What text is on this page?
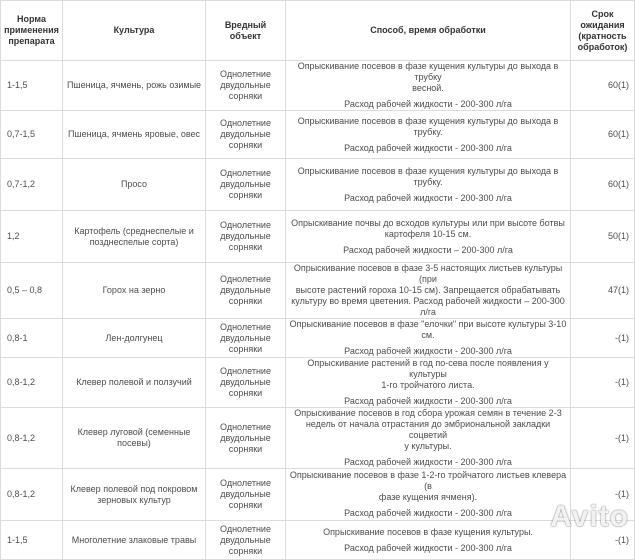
Норма применения препарата	Культура	Вредный объект	Способ, время обработки	Срок ожидания (кратность обработок)
1-1,5	Пшеница, ячмень, рожь озимые	Однолетние
двудольные сорняки	Опрыскивание посевов в фазе кущения культуры до выхода в трубку
весной.
Расход рабочей жидкости - 200-300 л/га	60(1)
0,7-1,5	Пшеница, ячмень яровые, овес	Однолетние
двудольные сорняки	Опрыскивание посевов в фазе кущения культуры до выхода в
трубку.
Расход рабочей жидкости - 200-300 л/га	60(1)
0,7-1,2	Просо	Однолетние
двудольные сорняки	Опрыскивание посевов в фазе кущения культуры до выхода в
трубку.
Расход рабочей жидкости - 200-300 л/га	60(1)
1,2	Картофель (среднеспелые и позднеспелые сорта)	Однолетние
двудольные сорняки	Опрыскивание почвы до всходов культуры или при высоте ботвы
картофеля 10-15 см.
Расход рабочей жидкости – 200-300 л/га	50(1)
0,5 – 0,8	Горох на зерно	Однолетние
двудольные сорняки	Опрыскивание посевов в фазе 3-5 настоящих листьев культуры (при
высоте растений гороха 10-15 см). Запрещается обрабатывать
культуру во время цветения. Расход рабочей жидкости – 200-300 л/га	47(1)
0,8-1	Лен-долгунец	Однолетние
двудольные сорняки	Опрыскивание посевов в фазе "елочки" при высоте культуры 3-10 см.
Расход рабочей жидкости - 200-300 л/га	-(1)
0,8-1,2	Клевер полевой и ползучий	Однолетние
двудольные сорняки	Опрыскивание растений в год по-сева после появления у культуры
1-го тройчатого листа.
Расход рабочей жидкости - 200-300 л/га	-(1)
0,8-1,2	Клевер луговой (семенные посевы)	Однолетние
двудольные сорняки	Опрыскивание посевов в год сбора урожая семян в течение 2-3
недель от начала отрастания до эмбриональной закладки соцветий
у культуры.
Расход рабочей жидкости - 200-300 л/га	-(1)
0,8-1,2	Клевер полевой под покровом зерновых культур	Однолетние
двудольные сорняки	Опрыскивание посевов в фазе 1-2-го тройчатого листьев клевера (в
фазе кущения ячменя).
Расход рабочей жидкости - 200-300 л/га	-(1)
1-1,5	Многолетние злаковые травы	Однолетние
двудольные сорняки	Опрыскивание посевов в фазе кущения культуры.
Расход рабочей жидкости - 200-300 л/га	-(1)
Avito
